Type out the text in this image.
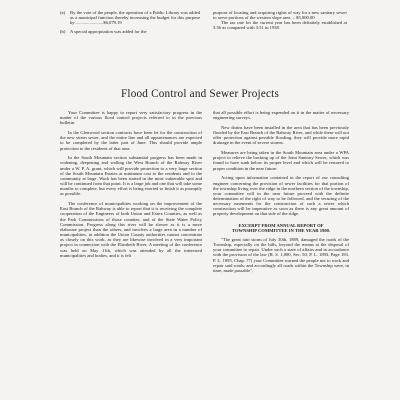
(a)	By the vote of the people, the operation of a Public Library was added as a municipal function thereby increasing the budget for this purpose by ........................$6,079.19
(b)	A special appropriation was added for the

purpose of locating and acquiring rights of way for a new sanitary sewer to serve portions of the western slope area ... $5,000.00

The tax rate for the current year has been definitely established at 3.56 as compared with 3.51 in 1938.

Flood Control and Sewer Projects

Your Committee is happy to report very satisfactory progress in the matter of the various flood control projects referred to in the previous bulletin.

In the Glenwood section contracts have been let for the construction of the new storm sewer, and the entire line and all appurtenances are expected to be completed by the latter part of June. This should provide ample protection to the residents of that area.

In the South Mountain section substantial progress has been made in widening, deepening and walling the West Branch of the Rahway River under a W. P. A. grant, which will provide protection to a very large section of the South Mountain Estates at minimum cost to the residents and to the community at large. Work has been started in the most vulnerable spot and will be continued from that point. It is a large job and one that will take some months to complete, but every effort is being exerted to finish it as promptly as possible.

The conference of municipalities working on the improvement of the East Branch of the Rahway is able to report that it is receiving the complete cooperation of the Engineers of both Union and Essex Counties, as well as the Park Commissions of those counties, and of the State Water Policy Commission. Progress along this river will be slower as it is a more elaborate project than the others, and involves a large area in a number of municipalities, in addition the Union County authorities cannot concentrate as closely on this work, as they are likewise involved in a very important project in connection with the Elizabeth River. A meeting of the conference was held on May 11th, which was attended by all the interested municipalities and bodies, and it is felt

that all possible effort is being expended on it in the matter of necessary engineering surveys.

New drains have been installed in the area that has been previously flooded by the East Branch of the Rahway River, and while these will not offer protection against possible flooding, they will provide more rapid drainage in the event of severe storms.

Measures are being taken in the South Mountain area under a WPA project to relieve the backing up of the Joint Sanitary Sewer, which was found to have sunk below its proper level and which will be restored to proper condition in the near future.

Acting upon information contained in the report of our consulting engineer concerning the provision of sewer facilities for that portion of the township living over the ridge in the northern section of the township, your committee will in the near future proceed with the definite determination of the right of way to be followed, and the securing of the necessary easements for the construction of such a sewer which construction will be imperative as soon as there is any great amount of property development on that side of the ridge.

EXCERPT FROM ANNUAL REPORT OF
TOWNSHIP COMMITTEE IN THE YEAR 1900.

"The great rain storm of July 30th, 1889, damaged the roads of the Township, especially on the hills, beyond the means at the disposal of your committee to repair. Under such a state of affairs and in accordance with the provision of the law (R. S. 1,000, Sec. 50, P. L. 1893, Page 193, P. L. 1895, Chap. 77) your Committee warned the people not to work and repair said roads; and accordingly all roads within the Township were, in time, made passable",
